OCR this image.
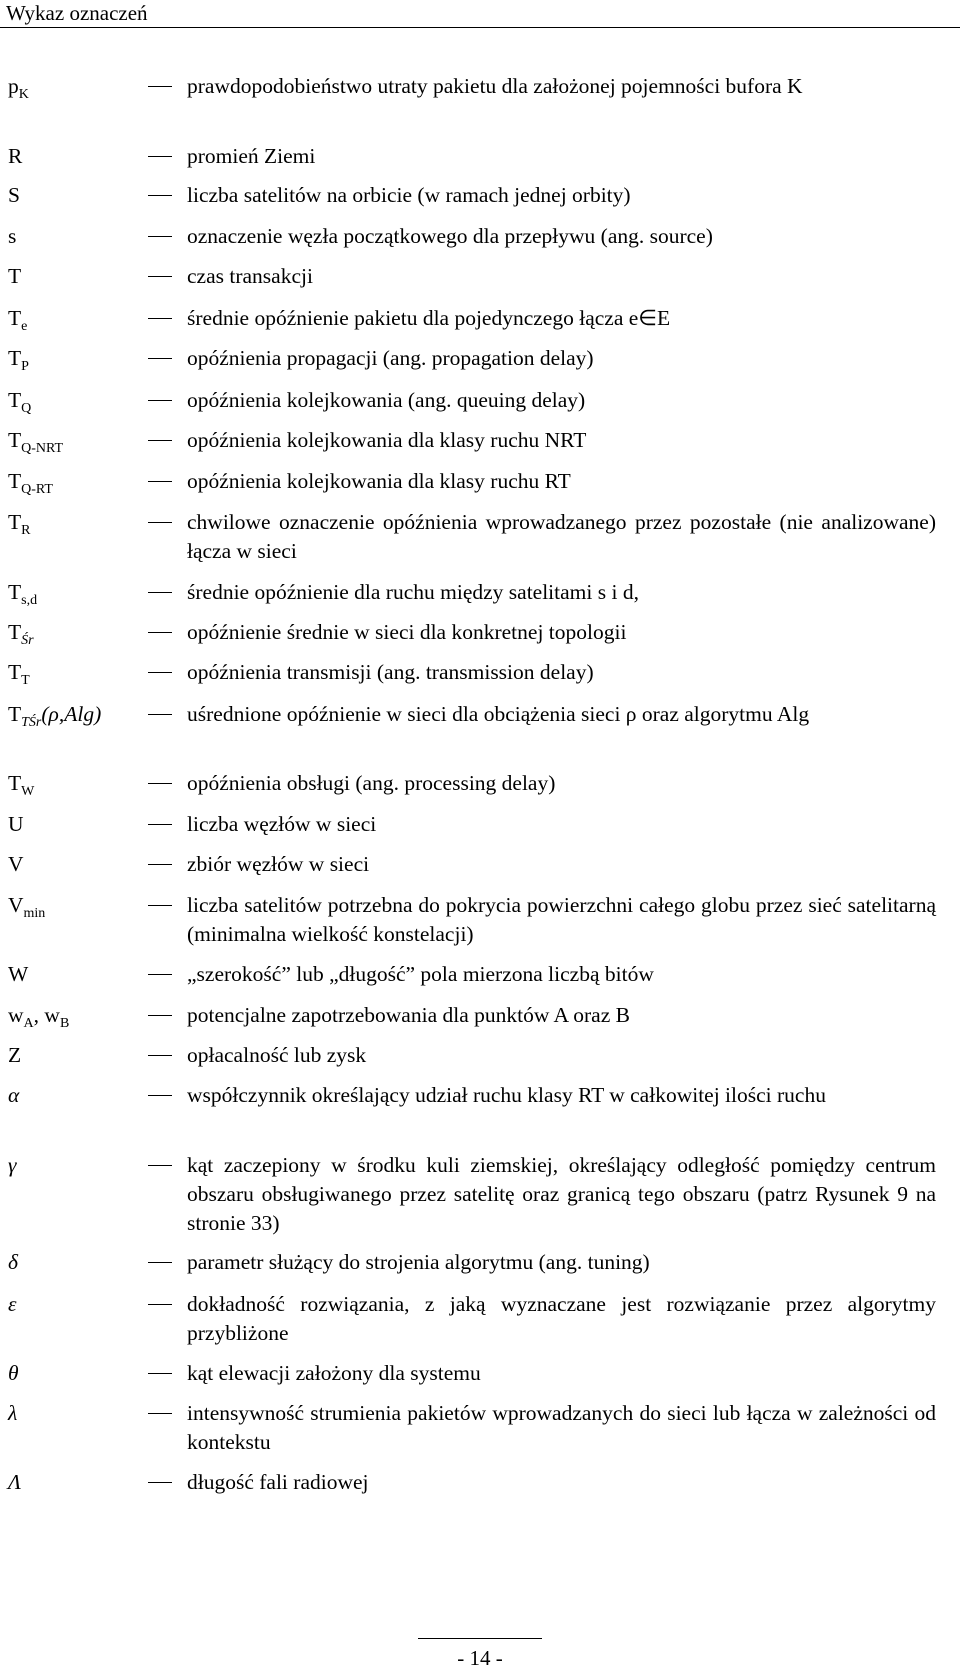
Wykaz oznaczeń
$p_K$	prawdopodobieństwo utraty pakietu dla założonej pojemności bufora K
R	promień Ziemi
S	liczba satelitów na orbicie (w ramach jednej orbity)
s	oznaczenie węzła początkowego dla przepływu (ang. source)
T	czas transakcji
$T_e$	średnie opóźnienie pakietu dla pojedynczego łącza e∈E
$T_P$	opóźnienia propagacji (ang. propagation delay)
$T_Q$	opóźnienia kolejkowania (ang. queuing delay)
$T_{Q-NRT}$	opóźnienia kolejkowania dla klasy ruchu NRT
$T_{Q-RT}$	opóźnienia kolejkowania dla klasy ruchu RT
$T_R$	chwilowe oznaczenie opóźnienia wprowadzanego przez pozostałe (nie analizowane) łącza w sieci
$T_{s,d}$	średnie opóźnienie dla ruchu między satelitami s i d,
$T_{Śr}$	opóźnienie średnie w sieci dla konkretnej topologii
$T_T$	opóźnienia transmisji (ang. transmission delay)
$T_{TŚr}(\rho,Alg)$	uśrednione opóźnienie w sieci dla obciążenia sieci ρ oraz algorytmu Alg
$T_W$	opóźnienia obsługi (ang. processing delay)
U	liczba węzłów w sieci
V	zbiór węzłów w sieci
$V_{min}$	liczba satelitów potrzebna do pokrycia powierzchni całego globu przez sieć satelitarną (minimalna wielkość konstelacji)
W	„szerokość” lub „długość” pola mierzona liczbą bitów
$w_A$, $w_B$	potencjalne zapotrzebowania dla punktów A oraz B
Z	opłacalność lub zysk
α	współczynnik określający udział ruchu klasy RT w całkowitej ilości ruchu
γ	kąt zaczepiony w środku kuli ziemskiej, określający odległość pomiędzy centrum obszaru obsługiwanego przez satelitę oraz granicą tego obszaru (patrz Rysunek 9 na stronie 33)
δ	parametr służący do strojenia algorytmu (ang. tuning)
ε	dokładność rozwiązania, z jaką wyznaczane jest rozwiązanie przez algorytmy przybliżone
θ	kąt elewacji założony dla systemu
λ	intensywność strumienia pakietów wprowadzanych do sieci lub łącza w zależności od kontekstu
Λ	długość fali radiowej
- 14 -
